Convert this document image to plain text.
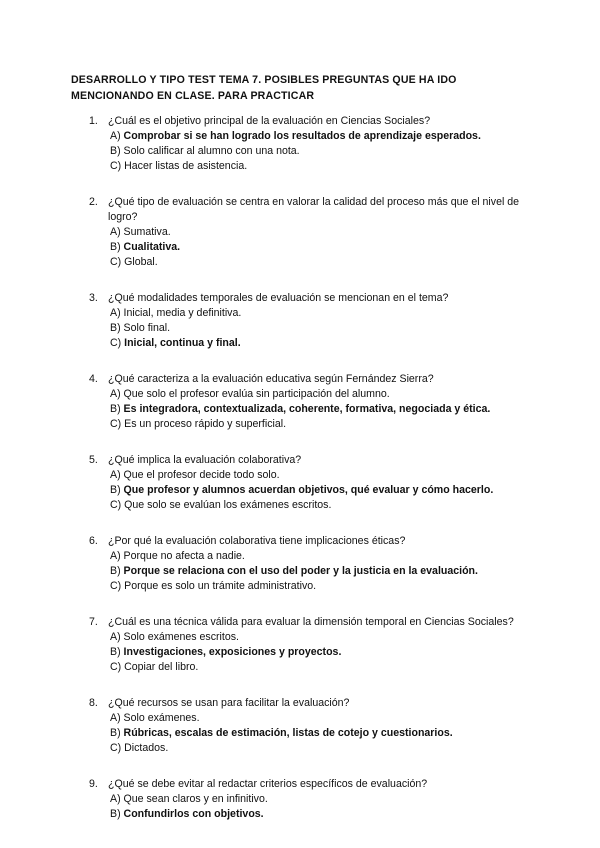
DESARROLLO Y TIPO TEST TEMA 7. POSIBLES PREGUNTAS QUE HA IDO
MENCIONANDO EN CLASE. PARA PRACTICAR
1. ¿Cuál es el objetivo principal de la evaluación en Ciencias Sociales?
A) Comprobar si se han logrado los resultados de aprendizaje esperados.
B) Solo calificar al alumno con una nota.
C) Hacer listas de asistencia.
2. ¿Qué tipo de evaluación se centra en valorar la calidad del proceso más que el nivel de logro?
A) Sumativa.
B) Cualitativa.
C) Global.
3. ¿Qué modalidades temporales de evaluación se mencionan en el tema?
A) Inicial, media y definitiva.
B) Solo final.
C) Inicial, continua y final.
4. ¿Qué caracteriza a la evaluación educativa según Fernández Sierra?
A) Que solo el profesor evalúa sin participación del alumno.
B) Es integradora, contextualizada, coherente, formativa, negociada y ética.
C) Es un proceso rápido y superficial.
5. ¿Qué implica la evaluación colaborativa?
A) Que el profesor decide todo solo.
B) Que profesor y alumnos acuerdan objetivos, qué evaluar y cómo hacerlo.
C) Que solo se evalúan los exámenes escritos.
6. ¿Por qué la evaluación colaborativa tiene implicaciones éticas?
A) Porque no afecta a nadie.
B) Porque se relaciona con el uso del poder y la justicia en la evaluación.
C) Porque es solo un trámite administrativo.
7. ¿Cuál es una técnica válida para evaluar la dimensión temporal en Ciencias Sociales?
A) Solo exámenes escritos.
B) Investigaciones, exposiciones y proyectos.
C) Copiar del libro.
8. ¿Qué recursos se usan para facilitar la evaluación?
A) Solo exámenes.
B) Rúbricas, escalas de estimación, listas de cotejo y cuestionarios.
C) Dictados.
9. ¿Qué se debe evitar al redactar criterios específicos de evaluación?
A) Que sean claros y en infinitivo.
B) Confundirlos con objetivos.
